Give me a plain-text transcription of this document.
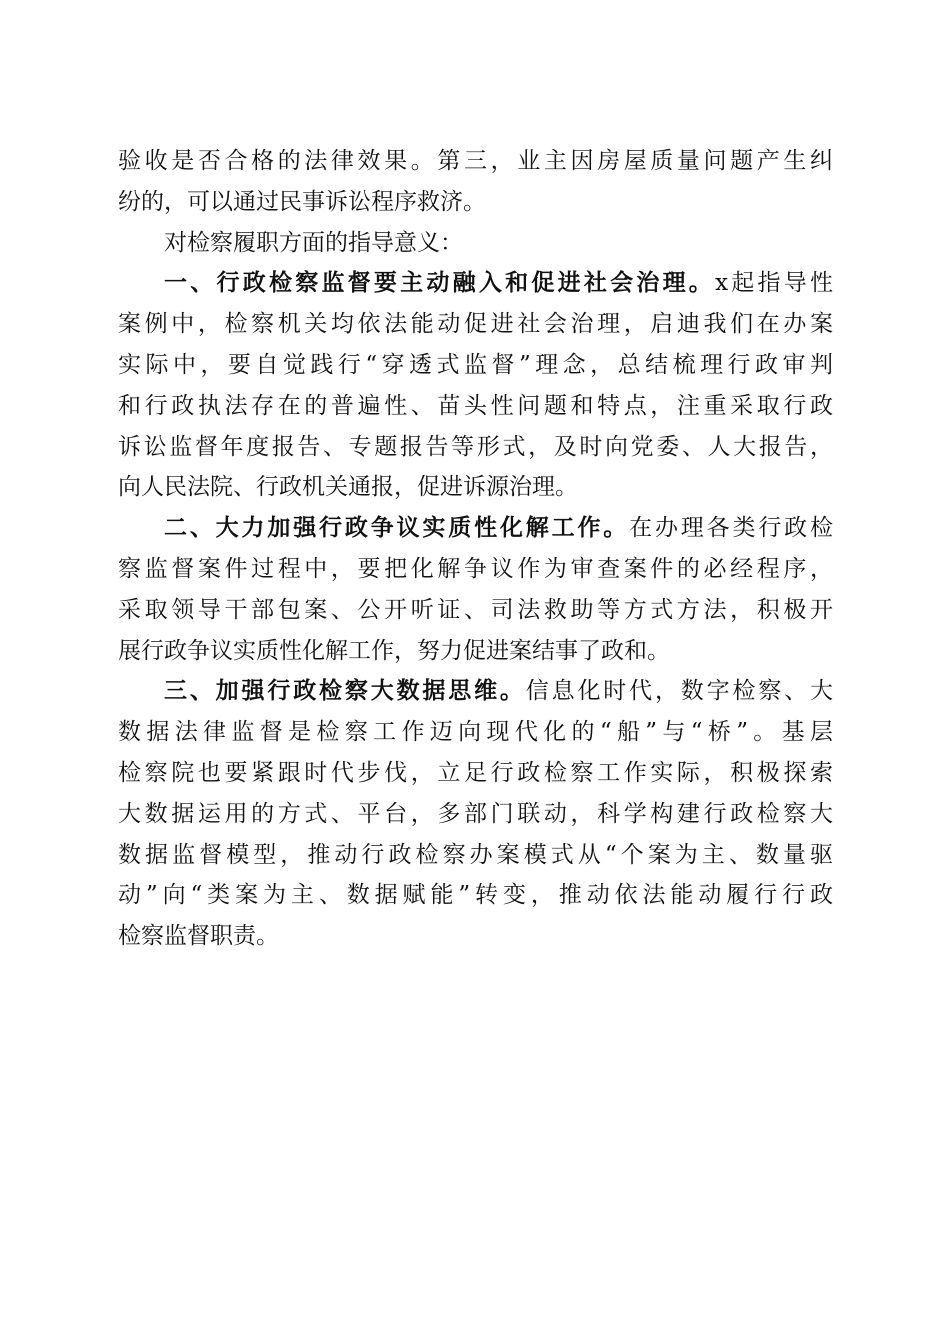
验收是否合格的法律效果。第三，业主因房屋质量问题产生纠
纷的，可以通过民事诉讼程序救济。
对检察履职方面的指导意义：
一、行政检察监督要主动融入和促进社会治理。x起指导性
案例中，检察机关均依法能动促进社会治理，启迪我们在办案
实际中，要自觉践行“穿透式监督”理念，总结梳理行政审判
和行政执法存在的普遍性、苗头性问题和特点，注重采取行政
诉讼监督年度报告、专题报告等形式，及时向党委、人大报告，
向人民法院、行政机关通报，促进诉源治理。
二、大力加强行政争议实质性化解工作。在办理各类行政检
察监督案件过程中，要把化解争议作为审查案件的必经程序，
采取领导干部包案、公开听证、司法救助等方式方法，积极开
展行政争议实质性化解工作，努力促进案结事了政和。
三、加强行政检察大数据思维。信息化时代，数字检察、大
数据法律监督是检察工作迈向现代化的“船”与“桥”。基层
检察院也要紧跟时代步伐，立足行政检察工作实际，积极探索
大数据运用的方式、平台，多部门联动，科学构建行政检察大
数据监督模型，推动行政检察办案模式从“个案为主、数量驱
动”向“类案为主、数据赋能”转变，推动依法能动履行行政
检察监督职责。
